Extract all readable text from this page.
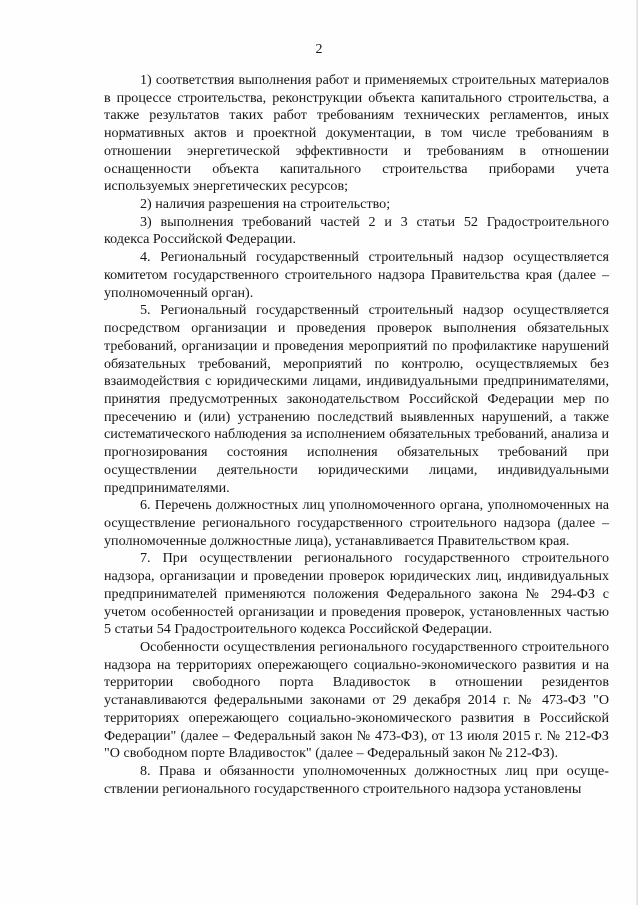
2

1) соответствия выполнения работ и применяемых строительных материалов в процессе строительства, реконструкции объекта капитального строительства, а также результатов таких работ требованиям технических регламентов, иных нормативных актов и проектной документации, в том числе требованиям в отношении энергетической эффективности и требованиям в отношении оснащенности объекта капитального строительства приборами учета используемых энергетических ресурсов;

2) наличия разрешения на строительство;

3) выполнения требований частей 2 и 3 статьи 52 Градостроительного кодекса Российской Федерации.

4. Региональный государственный строительный надзор осуществляется комитетом государственного строительного надзора Правительства края (далее – уполномоченный орган).

5. Региональный государственный строительный надзор осуществляется посредством организации и проведения проверок выполнения обязательных требований, организации и проведения мероприятий по профилактике нарушений обязательных требований, мероприятий по контролю, осуществляемых без взаимодействия с юридическими лицами, индивидуальными предпринимателями, принятия предусмотренных законодательством Российской Федерации мер по пресечению и (или) устранению последствий выявленных нарушений, а также систематического наблюдения за исполнением обязательных требований, анализа и прогнозирования состояния исполнения обязательных требований при осуществлении деятельности юридическими лицами, индивидуальными предпринимателями.

6. Перечень должностных лиц уполномоченного органа, уполномоченных на осуществление регионального государственного строительного надзора (далее – уполномоченные должностные лица), устанавливается Правительством края.

7. При осуществлении регионального государственного строительного надзора, организации и проведении проверок юридических лиц, индивидуальных предпринимателей применяются положения Федерального закона № 294-ФЗ с учетом особенностей организации и проведения проверок, установленных частью 5 статьи 54 Градостроительного кодекса Российской Федерации.

Особенности осуществления регионального государственного строительного надзора на территориях опережающего социально-экономического развития и на территории свободного порта Владивосток в отношении резидентов устанавливаются федеральными законами от 29 декабря 2014 г. № 473-ФЗ "О территориях опережающего социально-экономического развития в Российской Федерации" (далее – Федеральный закон № 473-ФЗ), от 13 июля 2015 г. № 212-ФЗ "О свободном порте Владивосток" (далее – Федеральный закон № 212-ФЗ).

8. Права и обязанности уполномоченных должностных лиц при осуществлении регионального государственного строительного надзора установлены
